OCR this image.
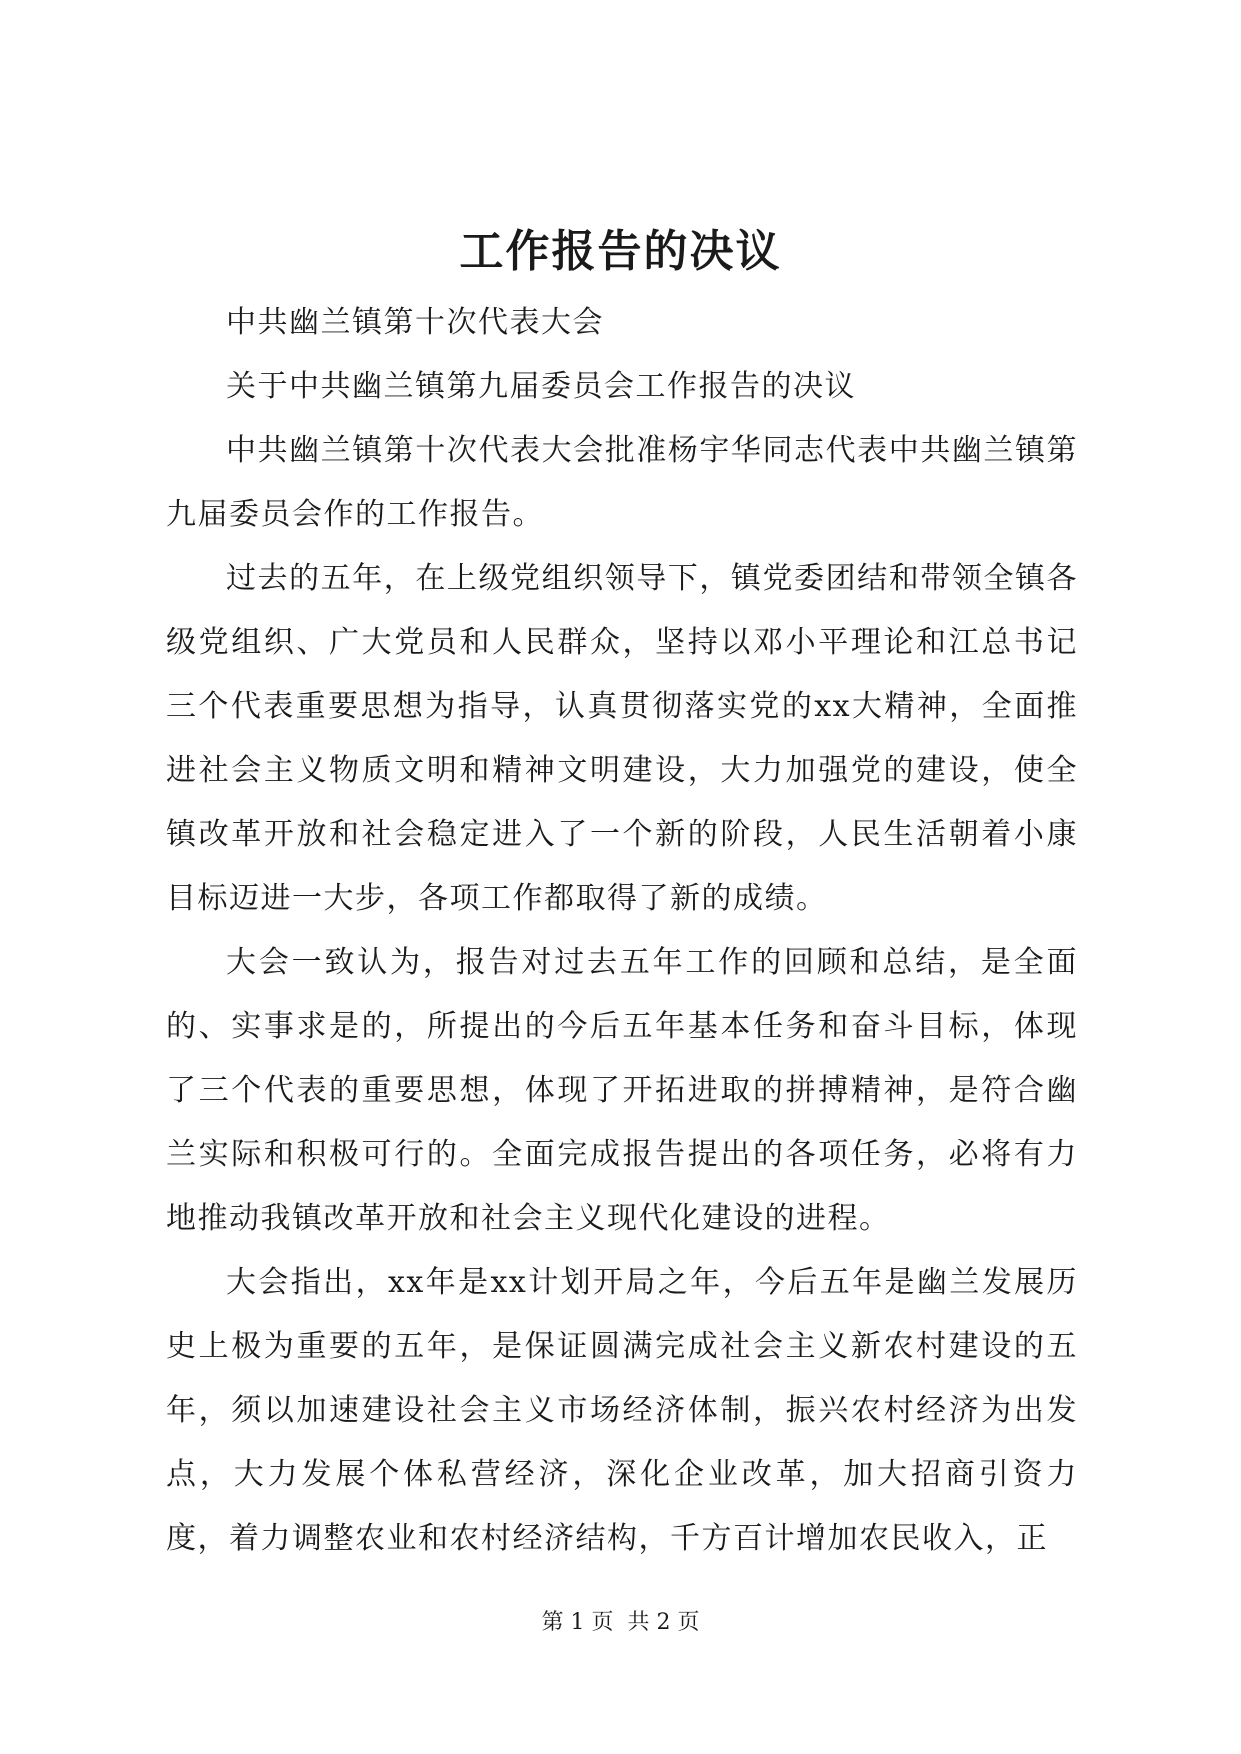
工作报告的决议

中共幽兰镇第十次代表大会

关于中共幽兰镇第九届委员会工作报告的决议

中共幽兰镇第十次代表大会批准杨宇华同志代表中共幽兰镇第九届委员会作的工作报告。

过去的五年，在上级党组织领导下，镇党委团结和带领全镇各级党组织、广大党员和人民群众，坚持以邓小平理论和江总书记三个代表重要思想为指导，认真贯彻落实党的xx大精神，全面推进社会主义物质文明和精神文明建设，大力加强党的建设，使全镇改革开放和社会稳定进入了一个新的阶段，人民生活朝着小康目标迈进一大步，各项工作都取得了新的成绩。

大会一致认为，报告对过去五年工作的回顾和总结，是全面的、实事求是的，所提出的今后五年基本任务和奋斗目标，体现了三个代表的重要思想，体现了开拓进取的拼搏精神，是符合幽兰实际和积极可行的。全面完成报告提出的各项任务，必将有力地推动我镇改革开放和社会主义现代化建设的进程。

大会指出，xx年是xx计划开局之年，今后五年是幽兰发展历史上极为重要的五年，是保证圆满完成社会主义新农村建设的五年，须以加速建设社会主义市场经济体制，振兴农村经济为出发点，大力发展个体私营经济，深化企业改革，加大招商引资力度，着力调整农业和农村经济结构，千方百计增加农民收入，正

第 1 页  共 2 页
